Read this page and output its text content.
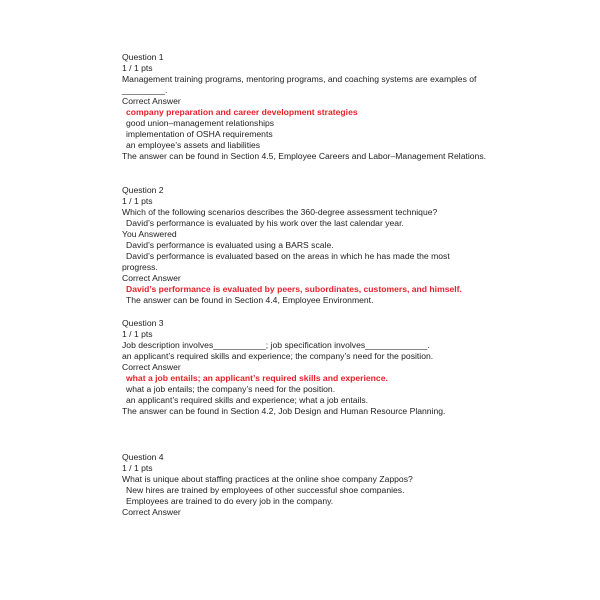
Question 1
1 / 1 pts
Management training programs, mentoring programs, and coaching systems are examples of
_________.
Correct Answer
company preparation and career development strategies
good union–management relationships
implementation of OSHA requirements
an employee’s assets and liabilities
The answer can be found in Section 4.5, Employee Careers and Labor–Management Relations.
Question 2
1 / 1 pts
Which of the following scenarios describes the 360-degree assessment technique?
David’s performance is evaluated by his work over the last calendar year.
You Answered
David’s performance is evaluated using a BARS scale.
David’s performance is evaluated based on the areas in which he has made the most
progress.
Correct Answer
David’s performance is evaluated by peers, subordinates, customers, and himself.
The answer can be found in Section 4.4, Employee Environment.
Question 3
1 / 1 pts
Job description involves___________; job specification involves_____________.
an applicant’s required skills and experience; the company’s need for the position.
Correct Answer
what a job entails; an applicant’s required skills and experience.
what a job entails; the company’s need for the position.
an applicant’s required skills and experience; what a job entails.
The answer can be found in Section 4.2, Job Design and Human Resource Planning.
Question 4
1 / 1 pts
What is unique about staffing practices at the online shoe company Zappos?
New hires are trained by employees of other successful shoe companies.
Employees are trained to do every job in the company.
Correct Answer
